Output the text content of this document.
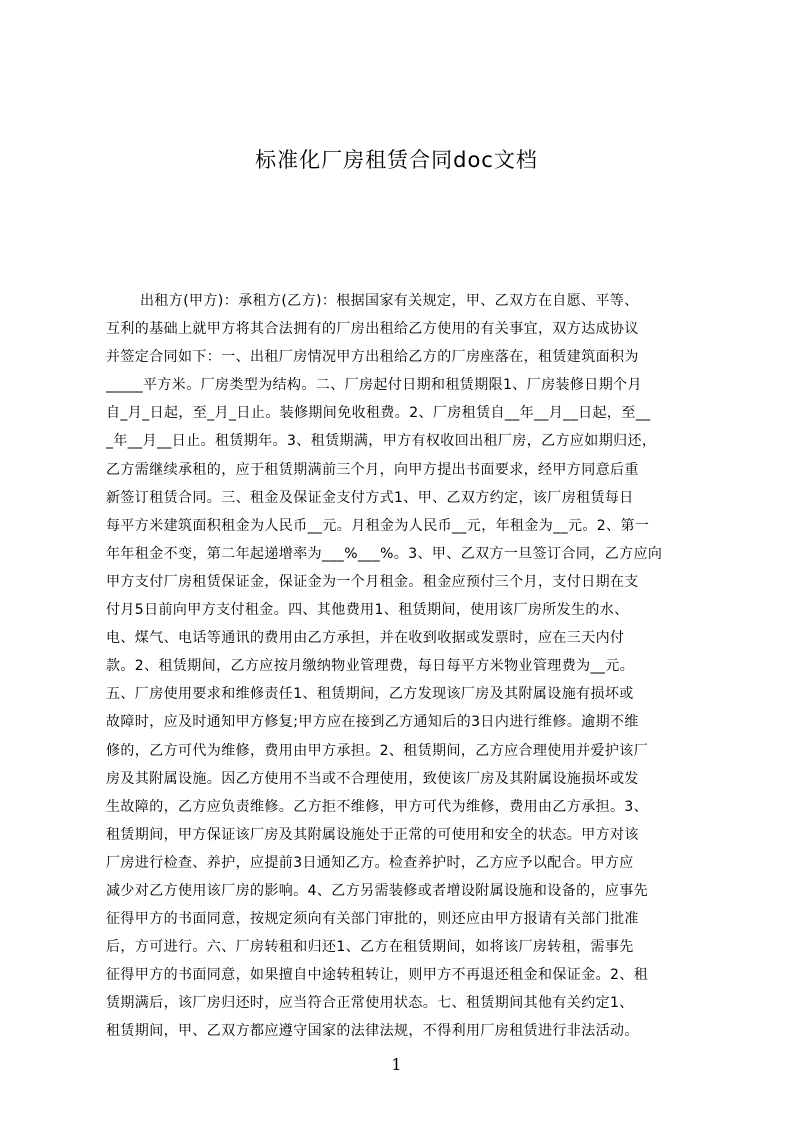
标准化厂房租赁合同doc文档
出租方(甲方)：承租方(乙方)：根据国家有关规定，甲、乙双方在自愿、平等、
互利的基础上就甲方将其合法拥有的厂房出租给乙方使用的有关事宜，双方达成协议
并签定合同如下：一、出租厂房情况甲方出租给乙方的厂房座落在，租赁建筑面积为
_____平方米。厂房类型为结构。二、厂房起付日期和租赁期限1、厂房装修日期个月
自_月_日起，至_月_日止。装修期间免收租费。2、厂房租赁自__年__月__日起，至__
_年__月__日止。租赁期年。3、租赁期满，甲方有权收回出租厂房，乙方应如期归还，
乙方需继续承租的，应于租赁期满前三个月，向甲方提出书面要求，经甲方同意后重
新签订租赁合同。三、租金及保证金支付方式1、甲、乙双方约定，该厂房租赁每日
每平方米建筑面积租金为人民币__元。月租金为人民币__元，年租金为__元。2、第一
年年租金不变，第二年起递增率为___%___%。3、甲、乙双方一旦签订合同，乙方应向
甲方支付厂房租赁保证金，保证金为一个月租金。租金应预付三个月，支付日期在支
付月5日前向甲方支付租金。四、其他费用1、租赁期间，使用该厂房所发生的水、
电、煤气、电话等通讯的费用由乙方承担，并在收到收据或发票时，应在三天内付
款。2、租赁期间，乙方应按月缴纳物业管理费，每日每平方米物业管理费为__元。
五、厂房使用要求和维修责任1、租赁期间，乙方发现该厂房及其附属设施有损坏或
故障时，应及时通知甲方修复;甲方应在接到乙方通知后的3日内进行维修。逾期不维
修的，乙方可代为维修，费用由甲方承担。2、租赁期间，乙方应合理使用并爱护该厂
房及其附属设施。因乙方使用不当或不合理使用，致使该厂房及其附属设施损坏或发
生故障的，乙方应负责维修。乙方拒不维修，甲方可代为维修，费用由乙方承担。3、
租赁期间，甲方保证该厂房及其附属设施处于正常的可使用和安全的状态。甲方对该
厂房进行检查、养护，应提前3日通知乙方。检查养护时，乙方应予以配合。甲方应
减少对乙方使用该厂房的影响。4、乙方另需装修或者增设附属设施和设备的，应事先
征得甲方的书面同意，按规定须向有关部门审批的，则还应由甲方报请有关部门批准
后，方可进行。六、厂房转租和归还1、乙方在租赁期间，如将该厂房转租，需事先
征得甲方的书面同意，如果擅自中途转租转让，则甲方不再退还租金和保证金。2、租
赁期满后，该厂房归还时，应当符合正常使用状态。七、租赁期间其他有关约定1、
租赁期间，甲、乙双方都应遵守国家的法律法规，不得利用厂房租赁进行非法活动。
1
